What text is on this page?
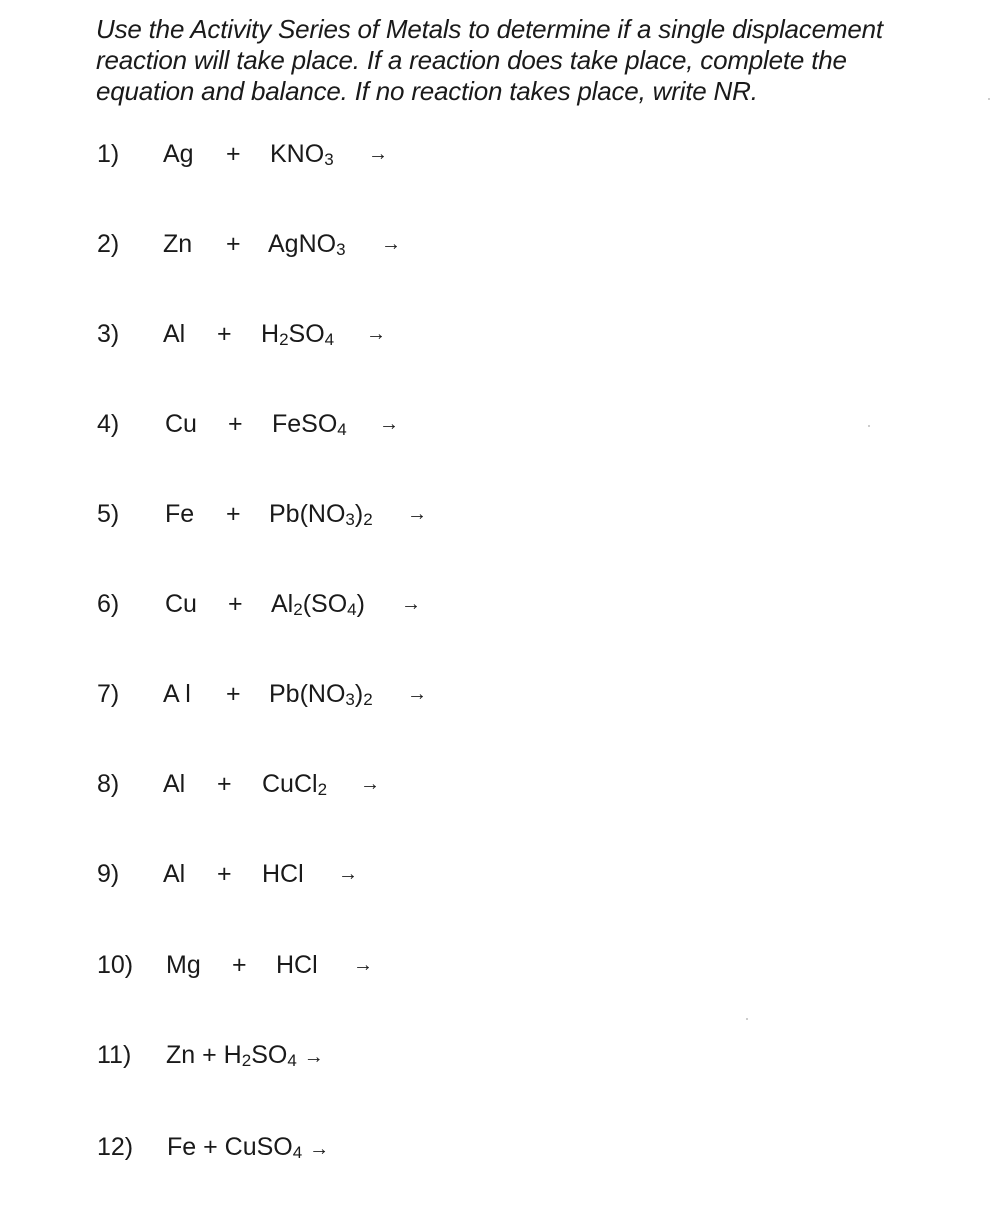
Use the Activity Series of Metals to determine if a single displacement reaction will take place. If a reaction does take place, complete the equation and balance. If no reaction takes place, write NR.

1) $Ag + KNO_3$ →
2) Zn + AgNO$_3$ →
3) $Al + H_2SO_4$ →
4) Cu + FeSO$_4$ →
5) $Fe + Pb(NO_3)_2$ →
6) $Cu + Al_2(SO_4)$ →
7) A $l + Pb(NO_3)_2$ →
8) Al + CuCl$_2$ →
9) Al + HCl →
10) Mg + HCl →
11) $Zn + H_2SO_4$ →
12) Fe + CuSO$_4$ →
